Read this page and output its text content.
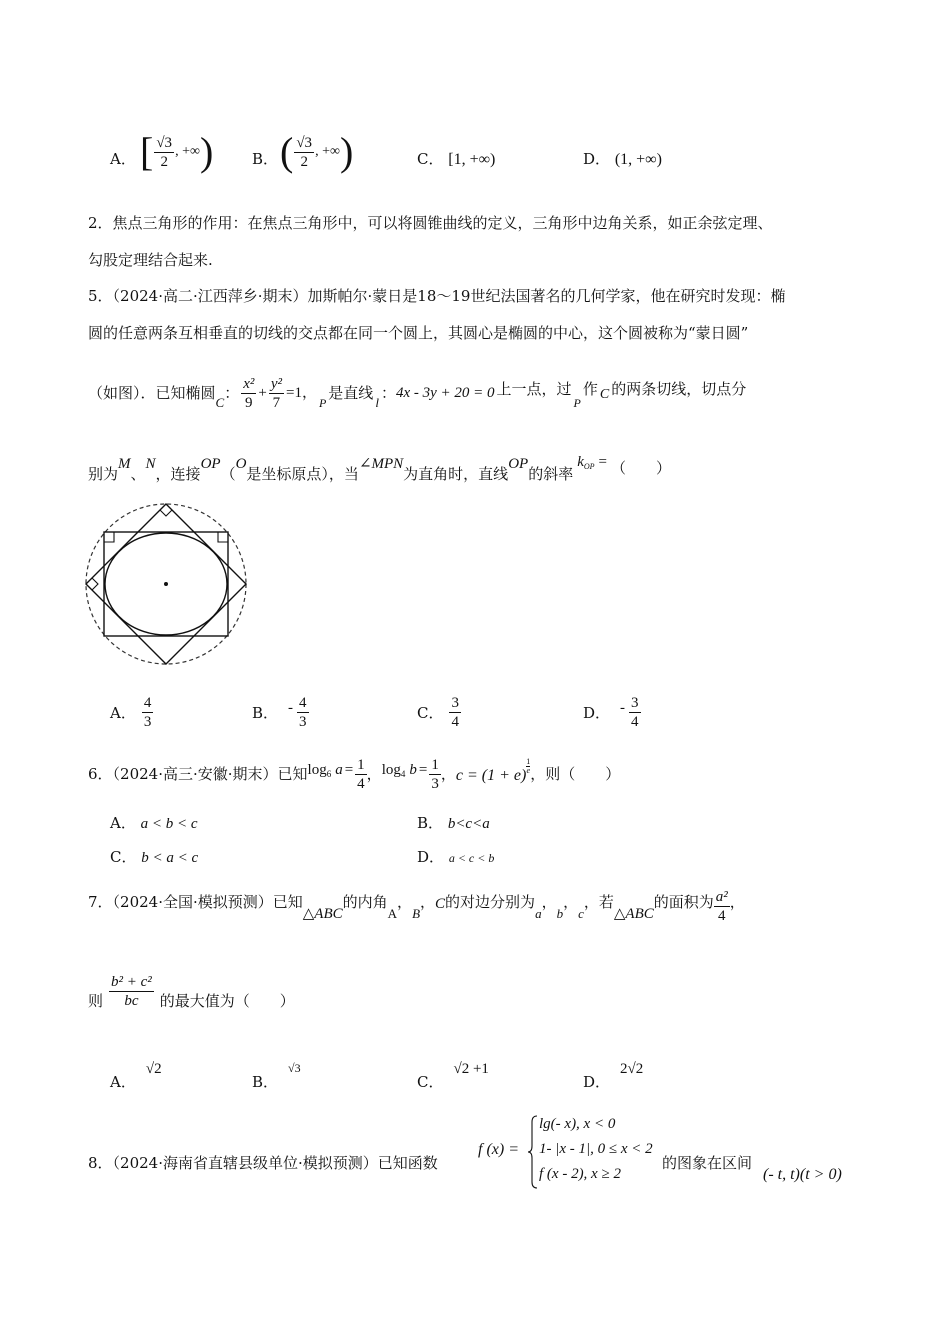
A． [ $\frac{√3}{2}$ , +∞ )	B． ( $\frac{√3}{2}$ , +∞ )	C． [1, +∞)	D． (1, +∞)
2．焦点三角形的作用：在焦点三角形中，可以将圆锥曲线的定义，三角形中边角关系，如正余弦定理、
勾股定理结合起来.
5．（2024·高二·江西萍乡·期末）加斯帕尔·蒙日是18～19世纪法国著名的几何学家，他在研究时发现：椭
圆的任意两条互相垂直的切线的交点都在同一个圆上，其圆心是椭圆的中心，这个圆被称为“蒙日圆”
（如图）．已知椭圆
C
： $\frac{\text{x²}}{9} + \frac{\text{y²}}{7} =1$，
P
是直线
l
： 4x - 3y + 20 = 0 上一点，过
P
作 C 的两条切线，切点分
别为
M
、
N
，连接
OP
（
O
是坐标原点），当
∠MPN
为直角时，直线
OP
的斜率
k OP = （　　）
A． $\frac{4}{3}$	B． - $\frac{4}{3}$	C． $\frac{3}{4}$	D． - $\frac{3}{4}$
6．（2024·高三·安徽·期末）已知 log 6 $a = \frac{1}{4}$ ， log 4 $b = \frac{1}{3}$ ， c = (1 + e)
$\frac{1}{e}$ ，则（　　）
A． a < b < c	B． b<c<a
C． b < a < c	D． a < c < b
7．（2024·全国·模拟预测）已知
△ABC
的内角
A
，
B
， C 的对边分别为
a
，
b
，
c
，若
△ABC
的面积为 $\frac{\text{a²}}{4}$ ，
则 $\frac{\text{b² + c²}}{bc}$ 的最大值为（　　）
A．
√2
B．
√3
C．
√2 +1
D．
2√2
8．（2024·海南省直辖县级单位·模拟预测）已知函数
f (x) =
lg(- x), x < 0
1- |x - 1|, 0 ≤ x < 2
f (x - 2), x ≥ 2
的图象在区间
(- t, t)(t > 0)
